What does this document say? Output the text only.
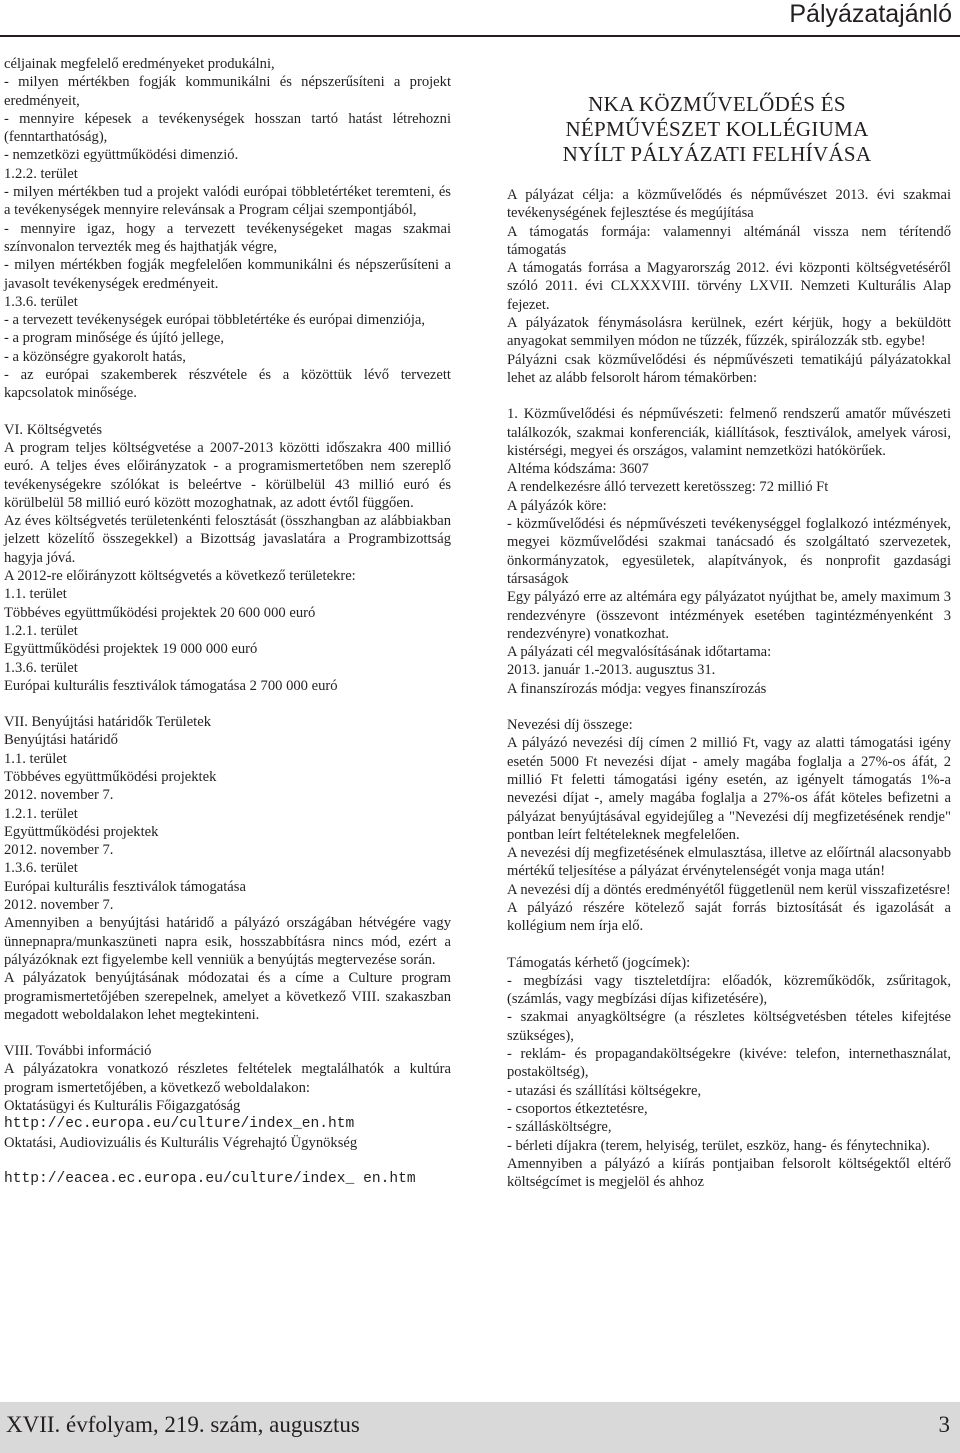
Pályázatajánló

céljainak megfelelő eredményeket produkálni,

- milyen mértékben fogják kommunikálni és népszerűsíteni a projekt eredményeit,

- mennyire képesek a tevékenységek hosszan tartó hatást létrehozni (fenntarthatóság),

- nemzetközi együttműködési dimenzió.

1.2.2. terület

- milyen mértékben tud a projekt valódi európai többletértéket teremteni, és a tevékenységek mennyire relevánsak a Program céljai szempontjából,

- mennyire igaz, hogy a tervezett tevékenységeket magas szakmai színvonalon tervezték meg és hajthatják végre,

- milyen mértékben fogják megfelelően kommunikálni és népszerűsíteni a javasolt tevékenységek eredményeit.

1.3.6. terület

- a tervezett tevékenységek európai többletértéke és európai dimenziója,

- a program minősége és újító jellege,

- a közönségre gyakorolt hatás,

- az európai szakemberek részvétele és a közöttük lévő tervezett kapcsolatok minősége.

VI. Költségvetés

A program teljes költségvetése a 2007-2013 közötti időszakra 400 millió euró. A teljes éves előirányzatok - a programismertetőben nem szereplő tevékenységekre szólókat is beleértve - körülbelül 43 millió euró és körülbelül 58 millió euró között mozoghatnak, az adott évtől függően.

Az éves költségvetés területenkénti felosztását (összhangban az alábbiakban jelzett közelítő összegekkel) a Bizottság javaslatára a Programbizottság hagyja jóvá.

A 2012-re előirányzott költségvetés a következő területekre:

1.1. terület

Többéves együttműködési projektek 20 600 000 euró

1.2.1. terület

Együttműködési projektek 19 000 000 euró

1.3.6. terület

Európai kulturális fesztiválok támogatása 2 700 000 euró

VII. Benyújtási határidők Területek

Benyújtási határidő

1.1. terület

Többéves együttműködési projektek

2012. november 7.

1.2.1. terület

Együttműködési projektek

2012. november 7.

1.3.6. terület

Európai kulturális fesztiválok támogatása

2012. november 7.

Amennyiben a benyújtási határidő a pályázó országában hétvégére vagy ünnepnapra/munkaszüneti napra esik, hosszabbításra nincs mód, ezért a pályázóknak ezt figyelembe kell venniük a benyújtás megtervezése során.

A pályázatok benyújtásának módozatai és a címe a Culture program programismertetőjében szerepelnek, amelyet a következő VIII. szakaszban megadott weboldalakon lehet megtekinteni.

VIII. További információ

A pályázatokra vonatkozó részletes feltételek megtalálhatók a kultúra program ismertetőjében, a következő weboldalakon:

Oktatásügyi és Kulturális Főigazgatóság

http://ec.europa.eu/culture/index_en.htm

Oktatási, Audiovizuális és Kulturális Végrehajtó Ügynökség

http://eacea.ec.europa.eu/culture/index_ en.htm

NKA KÖZMŰVELŐDÉS ÉS
NÉPMŰVÉSZET KOLLÉGIUMA
NYÍLT PÁLYÁZATI FELHÍVÁSA

A pályázat célja: a közművelődés és népművészet 2013. évi szakmai tevékenységének fejlesztése és megújítása

A támogatás formája: valamennyi altémánál vissza nem térítendő támogatás

A támogatás forrása a Magyarország 2012. évi központi költségvetéséről szóló 2011. évi CLXXXVIII. törvény LXVII. Nemzeti Kulturális Alap fejezet.

A pályázatok fénymásolásra kerülnek, ezért kérjük, hogy a beküldött anyagokat semmilyen módon ne tűzzék, fűzzék, spirálozzák stb. egybe!

Pályázni csak közművelődési és népművészeti tematikájú pályázatokkal lehet az alább felsorolt három témakörben:

1. Közművelődési és népművészeti: felmenő rendszerű amatőr művészeti találkozók, szakmai konferenciák, kiállítások, fesztiválok, amelyek városi, kistérségi, megyei és országos, valamint nemzetközi hatókörűek.

Altéma kódszáma: 3607

A rendelkezésre álló tervezett keretösszeg: 72 millió Ft

A pályázók köre:

- közművelődési és népművészeti tevékenységgel foglalkozó intézmények, megyei közművelődési szakmai tanácsadó és szolgáltató szervezetek, önkormányzatok, egyesületek, alapítványok, és nonprofit gazdasági társaságok

Egy pályázó erre az altémára egy pályázatot nyújthat be, amely maximum 3 rendezvényre (összevont intézmények esetében tagintézményenként 3 rendezvényre) vonatkozhat.

A pályázati cél megvalósításának időtartama:

2013. január 1.-2013. augusztus 31.

A finanszírozás módja: vegyes finanszírozás

Nevezési díj összege:

A pályázó nevezési díj címen 2 millió Ft, vagy az alatti támogatási igény esetén 5000 Ft nevezési díjat - amely magába foglalja a 27%-os áfát, 2 millió Ft feletti támogatási igény esetén, az igényelt támogatás 1%-a nevezési díjat -, amely magába foglalja a 27%-os áfát köteles befizetni a pályázat benyújtásával egyidejűleg a "Nevezési díj megfizetésének rendje" pontban leírt feltételeknek megfelelően.

A nevezési díj megfizetésének elmulasztása, illetve az előírtnál alacsonyabb mértékű teljesítése a pályázat érvénytelenségét vonja maga után!

A nevezési díj a döntés eredményétől függetlenül nem kerül visszafizetésre!

A pályázó részére kötelező saját forrás biztosítását és igazolását a kollégium nem írja elő.

Támogatás kérhető (jogcímek):

- megbízási vagy tiszteletdíjra: előadók, közreműködők, zsűritagok, (számlás, vagy megbízási díjas kifizetésére),

- szakmai anyagköltségre (a részletes költségvetésben tételes kifejtése szükséges),

- reklám- és propagandaköltségekre (kivéve: telefon, internethasználat, postaköltség),

- utazási és szállítási költségekre,

- csoportos étkeztetésre,

- szállásköltségre,

- bérleti díjakra (terem, helyiség, terület, eszköz, hang- és fénytechnika).

Amennyiben a pályázó a kiírás pontjaiban felsorolt költségektől eltérő költségcímet is megjelöl és ahhoz

XVII. évfolyam, 219. szám, augusztus	3
